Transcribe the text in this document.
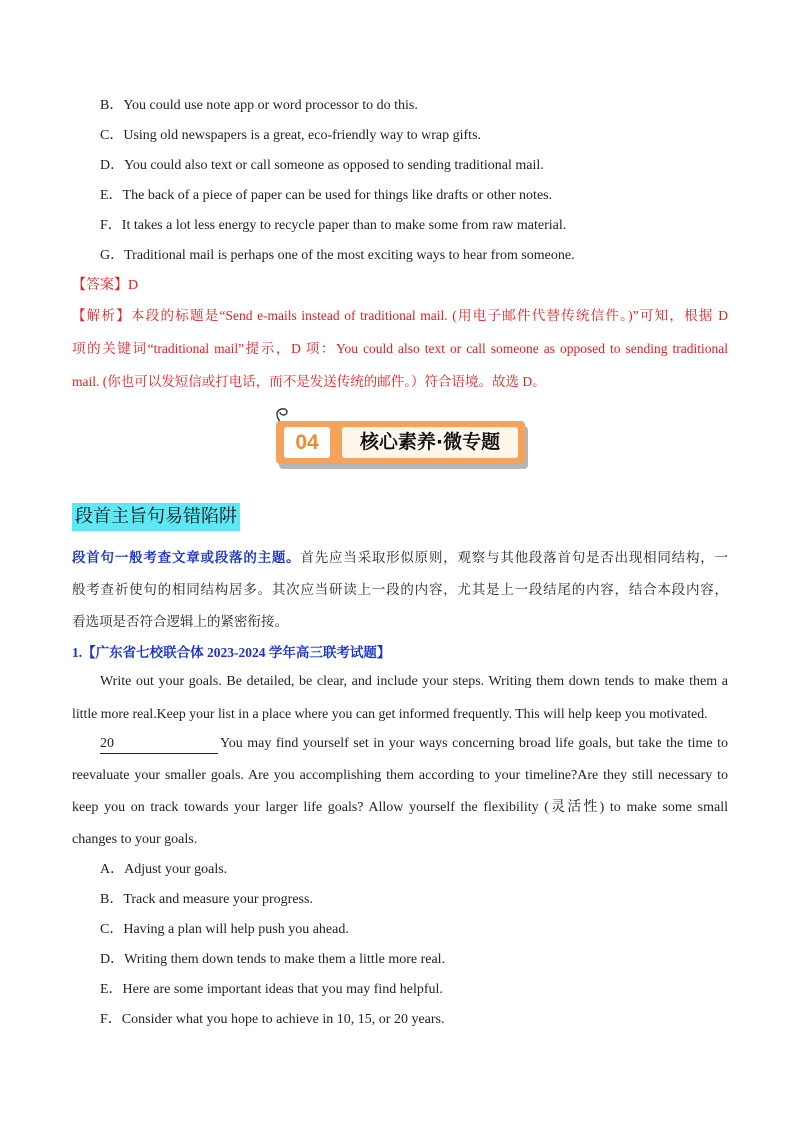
B．You could use note app or word processor to do this.
C．Using old newspapers is a great, eco-friendly way to wrap gifts.
D．You could also text or call someone as opposed to sending traditional mail.
E．The back of a piece of paper can be used for things like drafts or other notes.
F．It takes a lot less energy to recycle paper than to make some from raw material.
G．Traditional mail is perhaps one of the most exciting ways to hear from someone.
【答案】D
【解析】本段的标题是“Send e-mails instead of traditional mail. (用电子邮件代替传统信件。)”可知，根据 D
项的关键词“traditional mail”提示，D 项：You could also text or call someone as opposed to sending traditional
mail. (你也可以发短信或打电话，而不是发送传统的邮件。）符合语境。故选 D。
04	核心素养·微专题
段首主旨句易错陷阱
段首句一般考查文章或段落的主题。首先应当采取形似原则，观察与其他段落首句是否出现相同结构，一
般考查祈使句的相同结构居多。其次应当研读上一段的内容，尤其是上一段结尾的内容，结合本段内容，
看选项是否符合逻辑上的紧密衔接。
1.【广东省七校联合体 2023-2024 学年高三联考试题】
Write out your goals. Be detailed, be clear, and include your steps. Writing them down tends to make them a
little more real.Keep your list in a place where you can get informed frequently. This will help keep you motivated.
20	You may find yourself set in your ways concerning broad life goals, but take the time to
reevaluate your smaller goals. Are you accomplishing them according to your timeline?Are they still necessary to
keep you on track towards your larger life goals? Allow yourself the flexibility (灵活性) to make some small
changes to your goals.
A．Adjust your goals.
B．Track and measure your progress.
C．Having a plan will help push you ahead.
D．Writing them down tends to make them a little more real.
E．Here are some important ideas that you may find helpful.
F．Consider what you hope to achieve in 10, 15, or 20 years.
